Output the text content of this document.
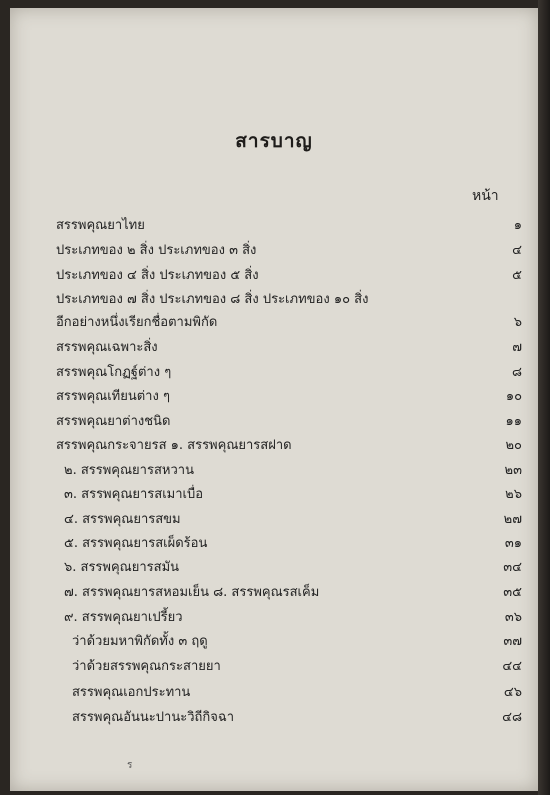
สารบาญ
หน้า
สรรพคุณยาไทย	๑
ประเภทของ ๒ สิ่ง ประเภทของ ๓ สิ่ง	๔
ประเภทของ ๔ สิ่ง ประเภทของ ๕ สิ่ง	๕
ประเภทของ ๗ สิ่ง ประเภทของ ๘ สิ่ง ประเภทของ ๑๐ สิ่ง
อีกอย่างหนึ่งเรียกชื่อตามพิกัด	๖
สรรพคุณเฉพาะสิ่ง	๗
สรรพคุณโกฏฐ์ต่าง ๆ	๘
สรรพคุณเทียนต่าง ๆ	๑๐
สรรพคุณยาต่างชนิด	๑๑
สรรพคุณกระจายรส ๑. สรรพคุณยารสฝาด	๒๐
๒. สรรพคุณยารสหวาน	๒๓
๓. สรรพคุณยารสเมาเบื่อ	๒๖
๔. สรรพคุณยารสขม	๒๗
๕. สรรพคุณยารสเผ็ดร้อน	๓๑
๖. สรรพคุณยารสมัน	๓๔
๗. สรรพคุณยารสหอมเย็น ๘. สรรพคุณรสเค็ม	๓๕
๙. สรรพคุณยาเปรี้ยว	๓๖
ว่าด้วยมหาพิกัดทั้ง ๓ ฤดู	๓๗
ว่าด้วยสรรพคุณกระสายยา	๔๔
สรรพคุณเอกประทาน	๔๖
สรรพคุณอันนะปานะวิถีกิจฉา	๔๘
ร
